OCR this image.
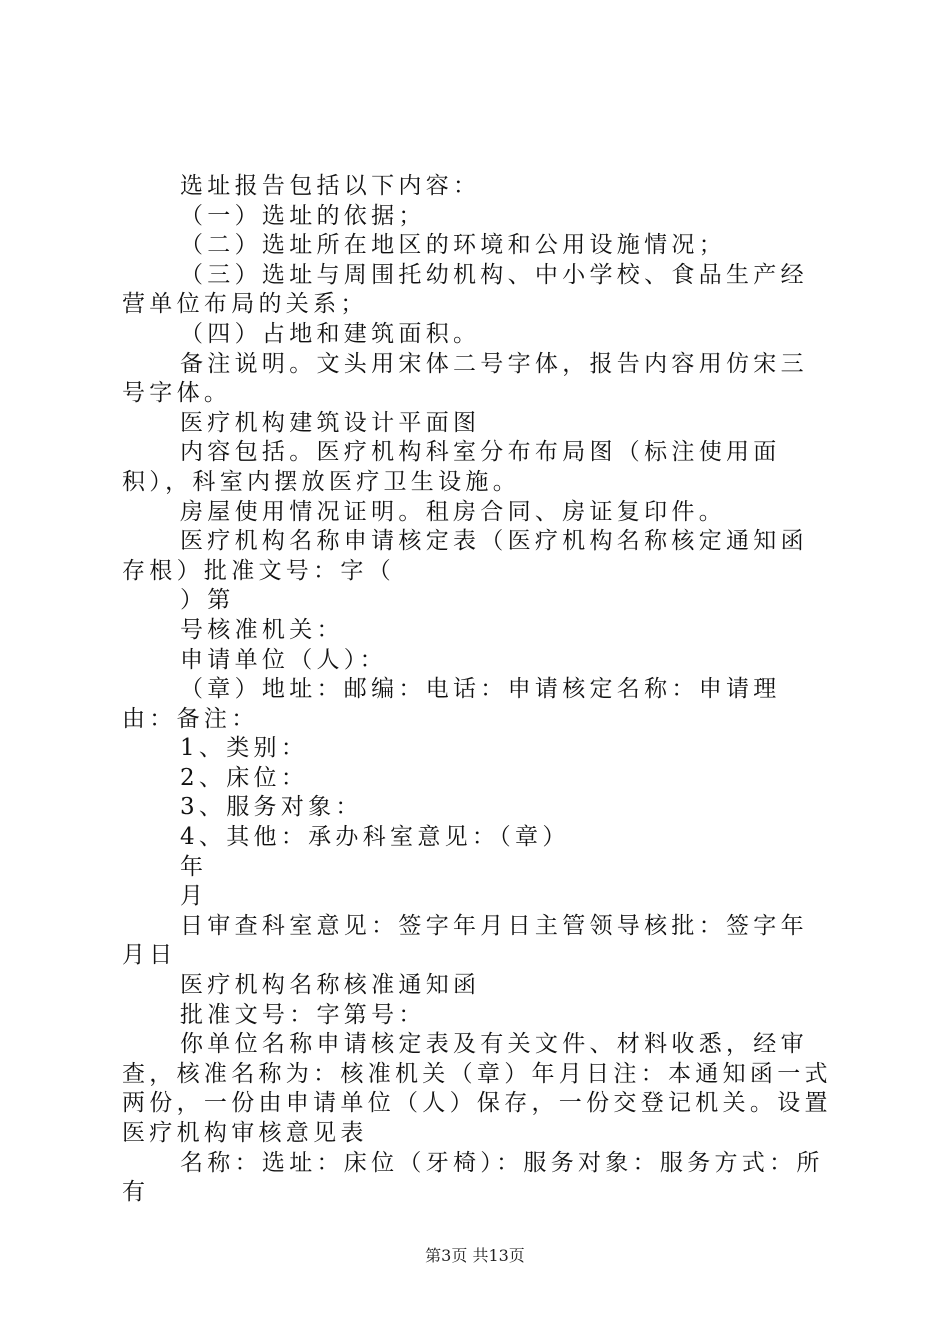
选址报告包括以下内容：

（一）选址的依据；

（二）选址所在地区的环境和公用设施情况；

（三）选址与周围托幼机构、中小学校、食品生产经营单位布局的关系；

（四）占地和建筑面积。

备注说明。文头用宋体二号字体，报告内容用仿宋三号字体。

医疗机构建筑设计平面图

内容包括。医疗机构科室分布布局图（标注使用面积），科室内摆放医疗卫生设施。

房屋使用情况证明。租房合同、房证复印件。

医疗机构名称申请核定表（医疗机构名称核定通知函存根）批准文号：字（

）第

号核准机关：

申请单位（人）：

（章）地址：邮编：电话：申请核定名称：申请理由：备注：

1、类别：

2、床位：

3、服务对象：

4、其他：承办科室意见：（章）

年

月

日审查科室意见：签字年月日主管领导核批：签字年月日

医疗机构名称核准通知函

批准文号：字第号：

你单位名称申请核定表及有关文件、材料收悉，经审查，核准名称为：核准机关（章）年月日注：本通知函一式两份，一份由申请单位（人）保存，一份交登记机关。设置医疗机构审核意见表

名称：选址：床位（牙椅）：服务对象：服务方式：所有

第3页 共13页
